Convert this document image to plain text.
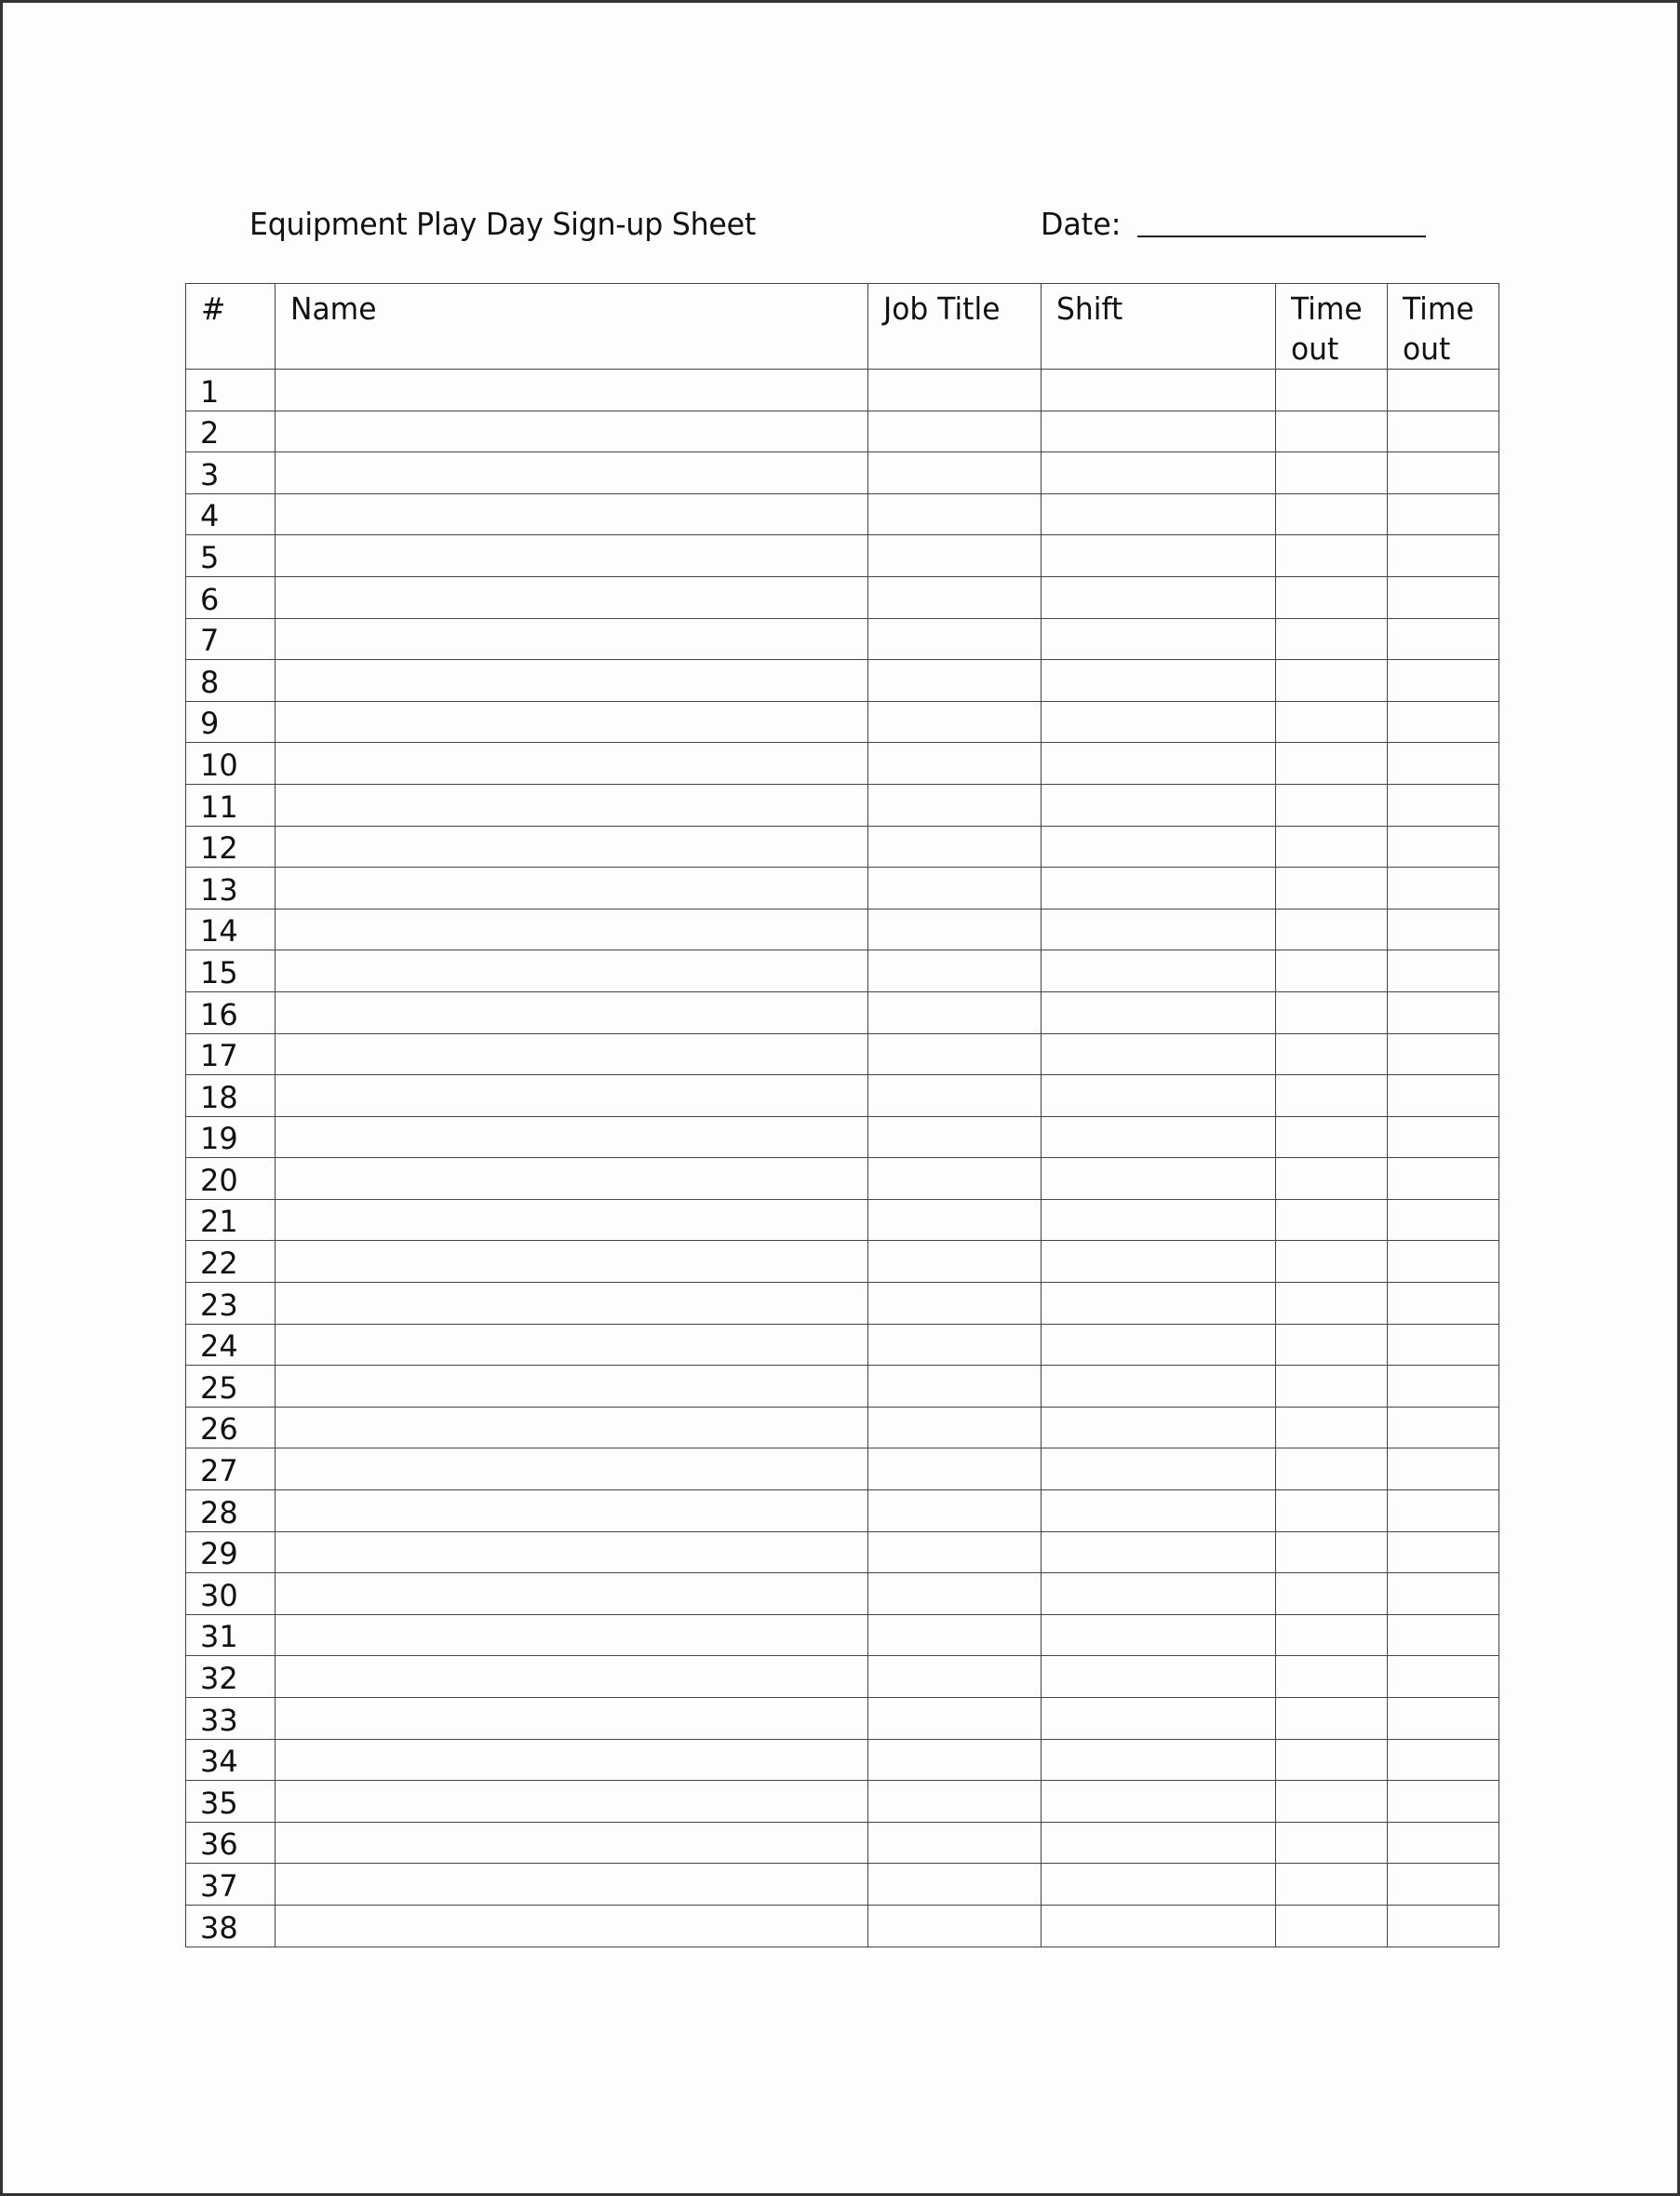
Equipment Play Day Sign-up Sheet	Date:
#	Name	Job Title	Shift	Time out	Time out

1					
2					
3					
4					
5					
6					
7					
8					
9					
10					
11					
12					
13					
14					
15					
16					
17					
18					
19					
20					
21					
22					
23					
24					
25					
26					
27					
28					
29					
30					
31					
32					
33					
34					
35					
36					
37					
38					
